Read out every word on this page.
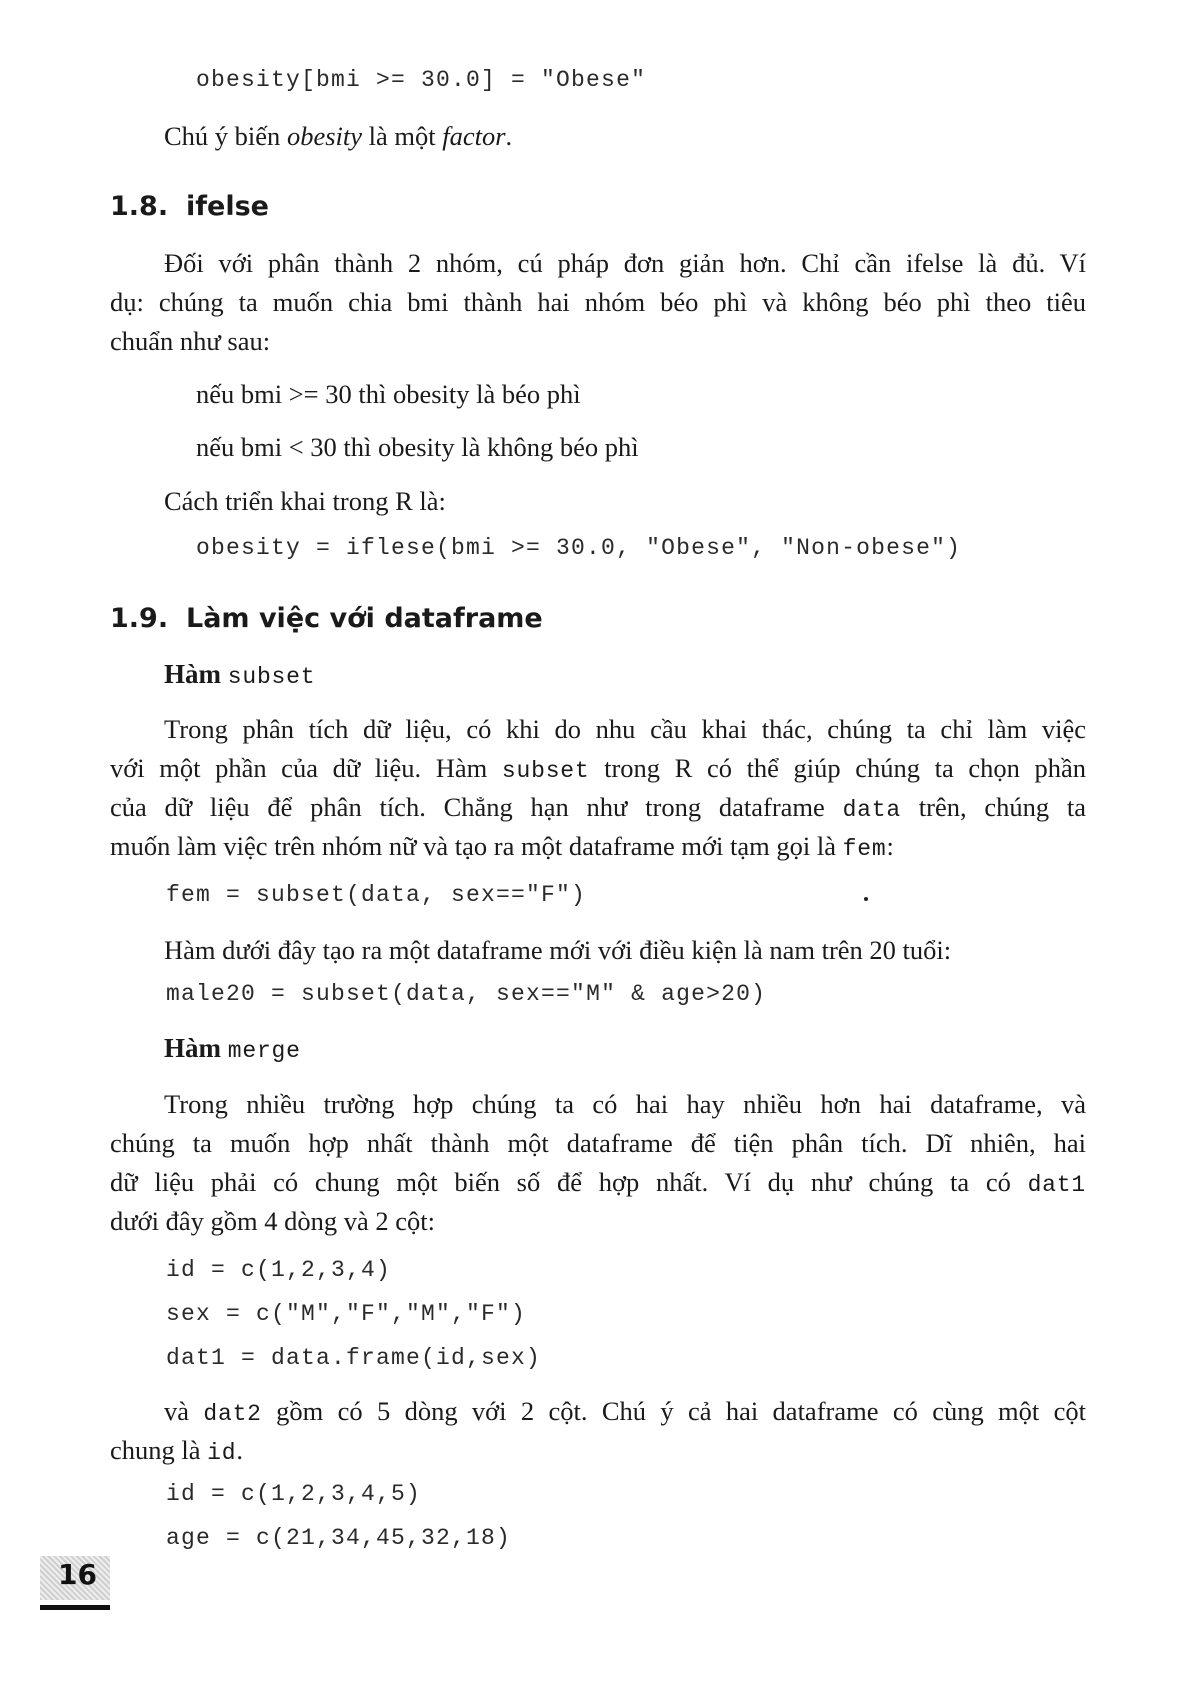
obesity[bmi >= 30.0] = "Obese"
Chú ý biến obesity là một factor.
1.8. ifelse
Đối với phân thành 2 nhóm, cú pháp đơn giản hơn. Chỉ cần ifelse là đủ. Ví
dụ: chúng ta muốn chia bmi thành hai nhóm béo phì và không béo phì theo tiêu
chuẩn như sau:
nếu bmi >= 30 thì obesity là béo phì
nếu bmi < 30 thì obesity là không béo phì
Cách triển khai trong R là:
obesity = iflese(bmi >= 30.0, "Obese", "Non-obese")
1.9. Làm việc với dataframe
Hàm subset
Trong phân tích dữ liệu, có khi do nhu cầu khai thác, chúng ta chỉ làm việc
với một phần của dữ liệu. Hàm subset trong R có thể giúp chúng ta chọn phần
của dữ liệu để phân tích. Chẳng hạn như trong dataframe data trên, chúng ta
muốn làm việc trên nhóm nữ và tạo ra một dataframe mới tạm gọi là fem:
fem = subset(data, sex=="F")
Hàm dưới đây tạo ra một dataframe mới với điều kiện là nam trên 20 tuổi:
male20 = subset(data, sex=="M" & age>20)
Hàm merge
Trong nhiều trường hợp chúng ta có hai hay nhiều hơn hai dataframe, và
chúng ta muốn hợp nhất thành một dataframe để tiện phân tích. Dĩ nhiên, hai
dữ liệu phải có chung một biến số để hợp nhất. Ví dụ như chúng ta có dat1
dưới đây gồm 4 dòng và 2 cột:
id = c(1,2,3,4)
sex = c("M","F","M","F")
dat1 = data.frame(id,sex)
và dat2 gồm có 5 dòng với 2 cột. Chú ý cả hai dataframe có cùng một cột
chung là id.
id = c(1,2,3,4,5)
age = c(21,34,45,32,18)
16
